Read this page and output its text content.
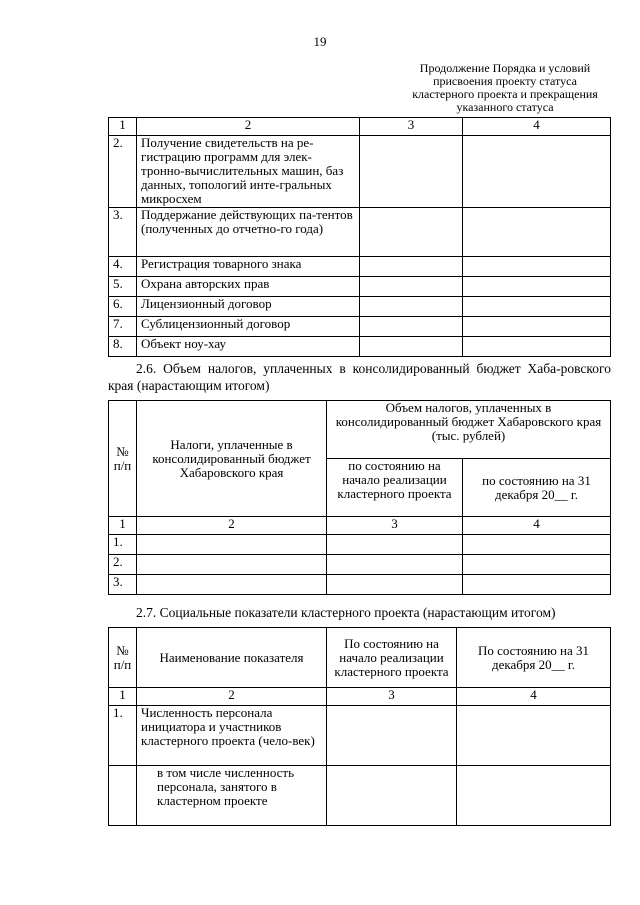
19
Продолжение Порядка и условий
присвоения проекту статуса
кластерного проекта и прекращения
указанного статуса
1	2	3	4
2.	Получение свидетельств на ре-гистрацию программ для элек-тронно-вычислительных машин, баз данных, топологий инте-гральных микросхем		
3.	Поддержание действующих па-тентов (полученных до отчетно-го года)		
4.	Регистрация товарного знака		
5.	Охрана авторских прав		
6.	Лицензионный договор		
7.	Сублицензионный договор		
8.	Объект ноу-хау		
2.6. Объем налогов, уплаченных в консолидированный бюджет Хаба-ровского края (нарастающим итогом)
№ п/п	Налоги, уплаченные в консолидированный бюджет Хабаровского края	Объем налогов, уплаченных в консолидированный бюджет Хабаровского края (тыс. рублей)	
		по состоянию на начало реализации кластерного проекта	по состоянию на 31 декабря 20__ г.
1	2	3	4
1.			
2.			
3.			
2.7. Социальные показатели кластерного проекта (нарастающим итогом)
№ п/п	Наименование показателя	По состоянию на начало реализации кластерного проекта	По состоянию на 31 декабря 20__ г.
1	2	3	4
1.	Численность персонала инициатора и участников кластерного проекта (чело-век)		
	в том числе численность персонала, занятого в кластерном проекте		
